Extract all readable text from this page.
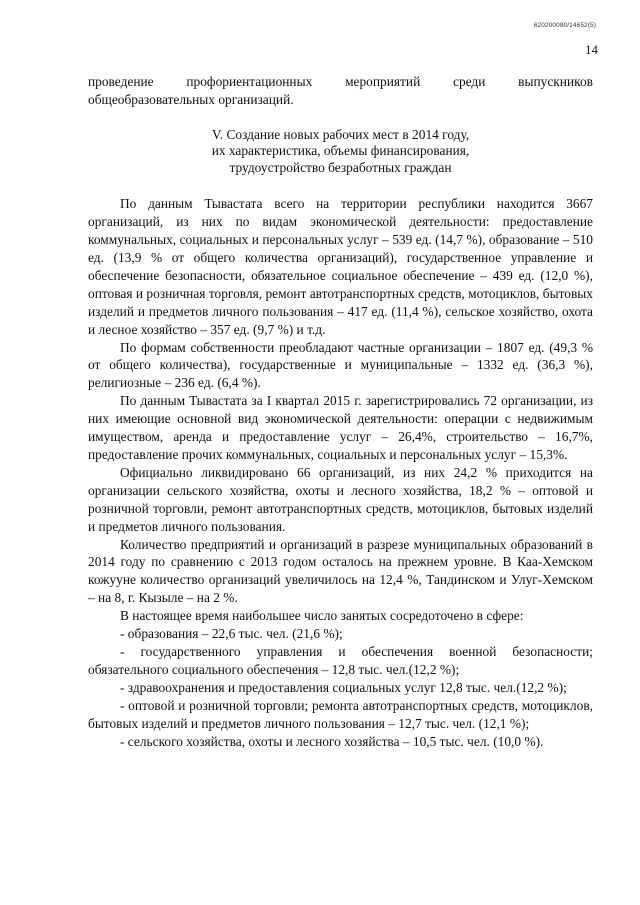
620200080/14652(5)
14

проведение профориентационных мероприятий среди выпускников общеобразовательных организаций.

V. Создание новых рабочих мест в 2014 году,
их характеристика, объемы финансирования,
трудоустройство безработных граждан

По данным Тывастата всего на территории республики находится 3667 организаций, из них по видам экономической деятельности: предоставление коммунальных, социальных и персональных услуг – 539 ед. (14,7 %), образование – 510 ед. (13,9 % от общего количества организаций), государственное управление и обеспечение безопасности, обязательное социальное обеспечение – 439 ед. (12,0 %), оптовая и розничная торговля, ремонт автотранспортных средств, мотоциклов, бытовых изделий и предметов личного пользования – 417 ед. (11,4 %), сельское хозяйство, охота и лесное хозяйство – 357 ед. (9,7 %) и т.д.

По формам собственности преобладают частные организации – 1807 ед. (49,3 % от общего количества), государственные и муниципальные – 1332 ед. (36,3 %), религиозные – 236 ед. (6,4 %).

По данным Тывастата за I квартал 2015 г. зарегистрировались 72 организации, из них имеющие основной вид экономической деятельности: операции с недвижимым имуществом, аренда и предоставление услуг – 26,4%, строительство – 16,7%, предоставление прочих коммунальных, социальных и персональных услуг – 15,3%.

Официально ликвидировано 66 организаций, из них 24,2 % приходится на организации сельского хозяйства, охоты и лесного хозяйства, 18,2 % – оптовой и розничной торговли, ремонт автотранспортных средств, мотоциклов, бытовых изделий и предметов личного пользования.

Количество предприятий и организаций в разрезе муниципальных образований в 2014 году по сравнению с 2013 годом осталось на прежнем уровне. В Каа-Хемском кожууне количество организаций увеличилось на 12,4 %, Тандинском и Улуг-Хемском – на 8, г. Кызыле – на 2 %.

В настоящее время наибольшее число занятых сосредоточено в сфере:

- образования – 22,6 тыс. чел. (21,6 %);

- государственного управления и обеспечения военной безопасности; обязательного социального обеспечения – 12,8 тыс. чел.(12,2 %);

- здравоохранения и предоставления социальных услуг 12,8 тыс. чел.(12,2 %);

- оптовой и розничной торговли; ремонта автотранспортных средств, мотоциклов, бытовых изделий и предметов личного пользования – 12,7 тыс. чел. (12,1 %);

- сельского хозяйства, охоты и лесного хозяйства – 10,5 тыс. чел. (10,0 %).
